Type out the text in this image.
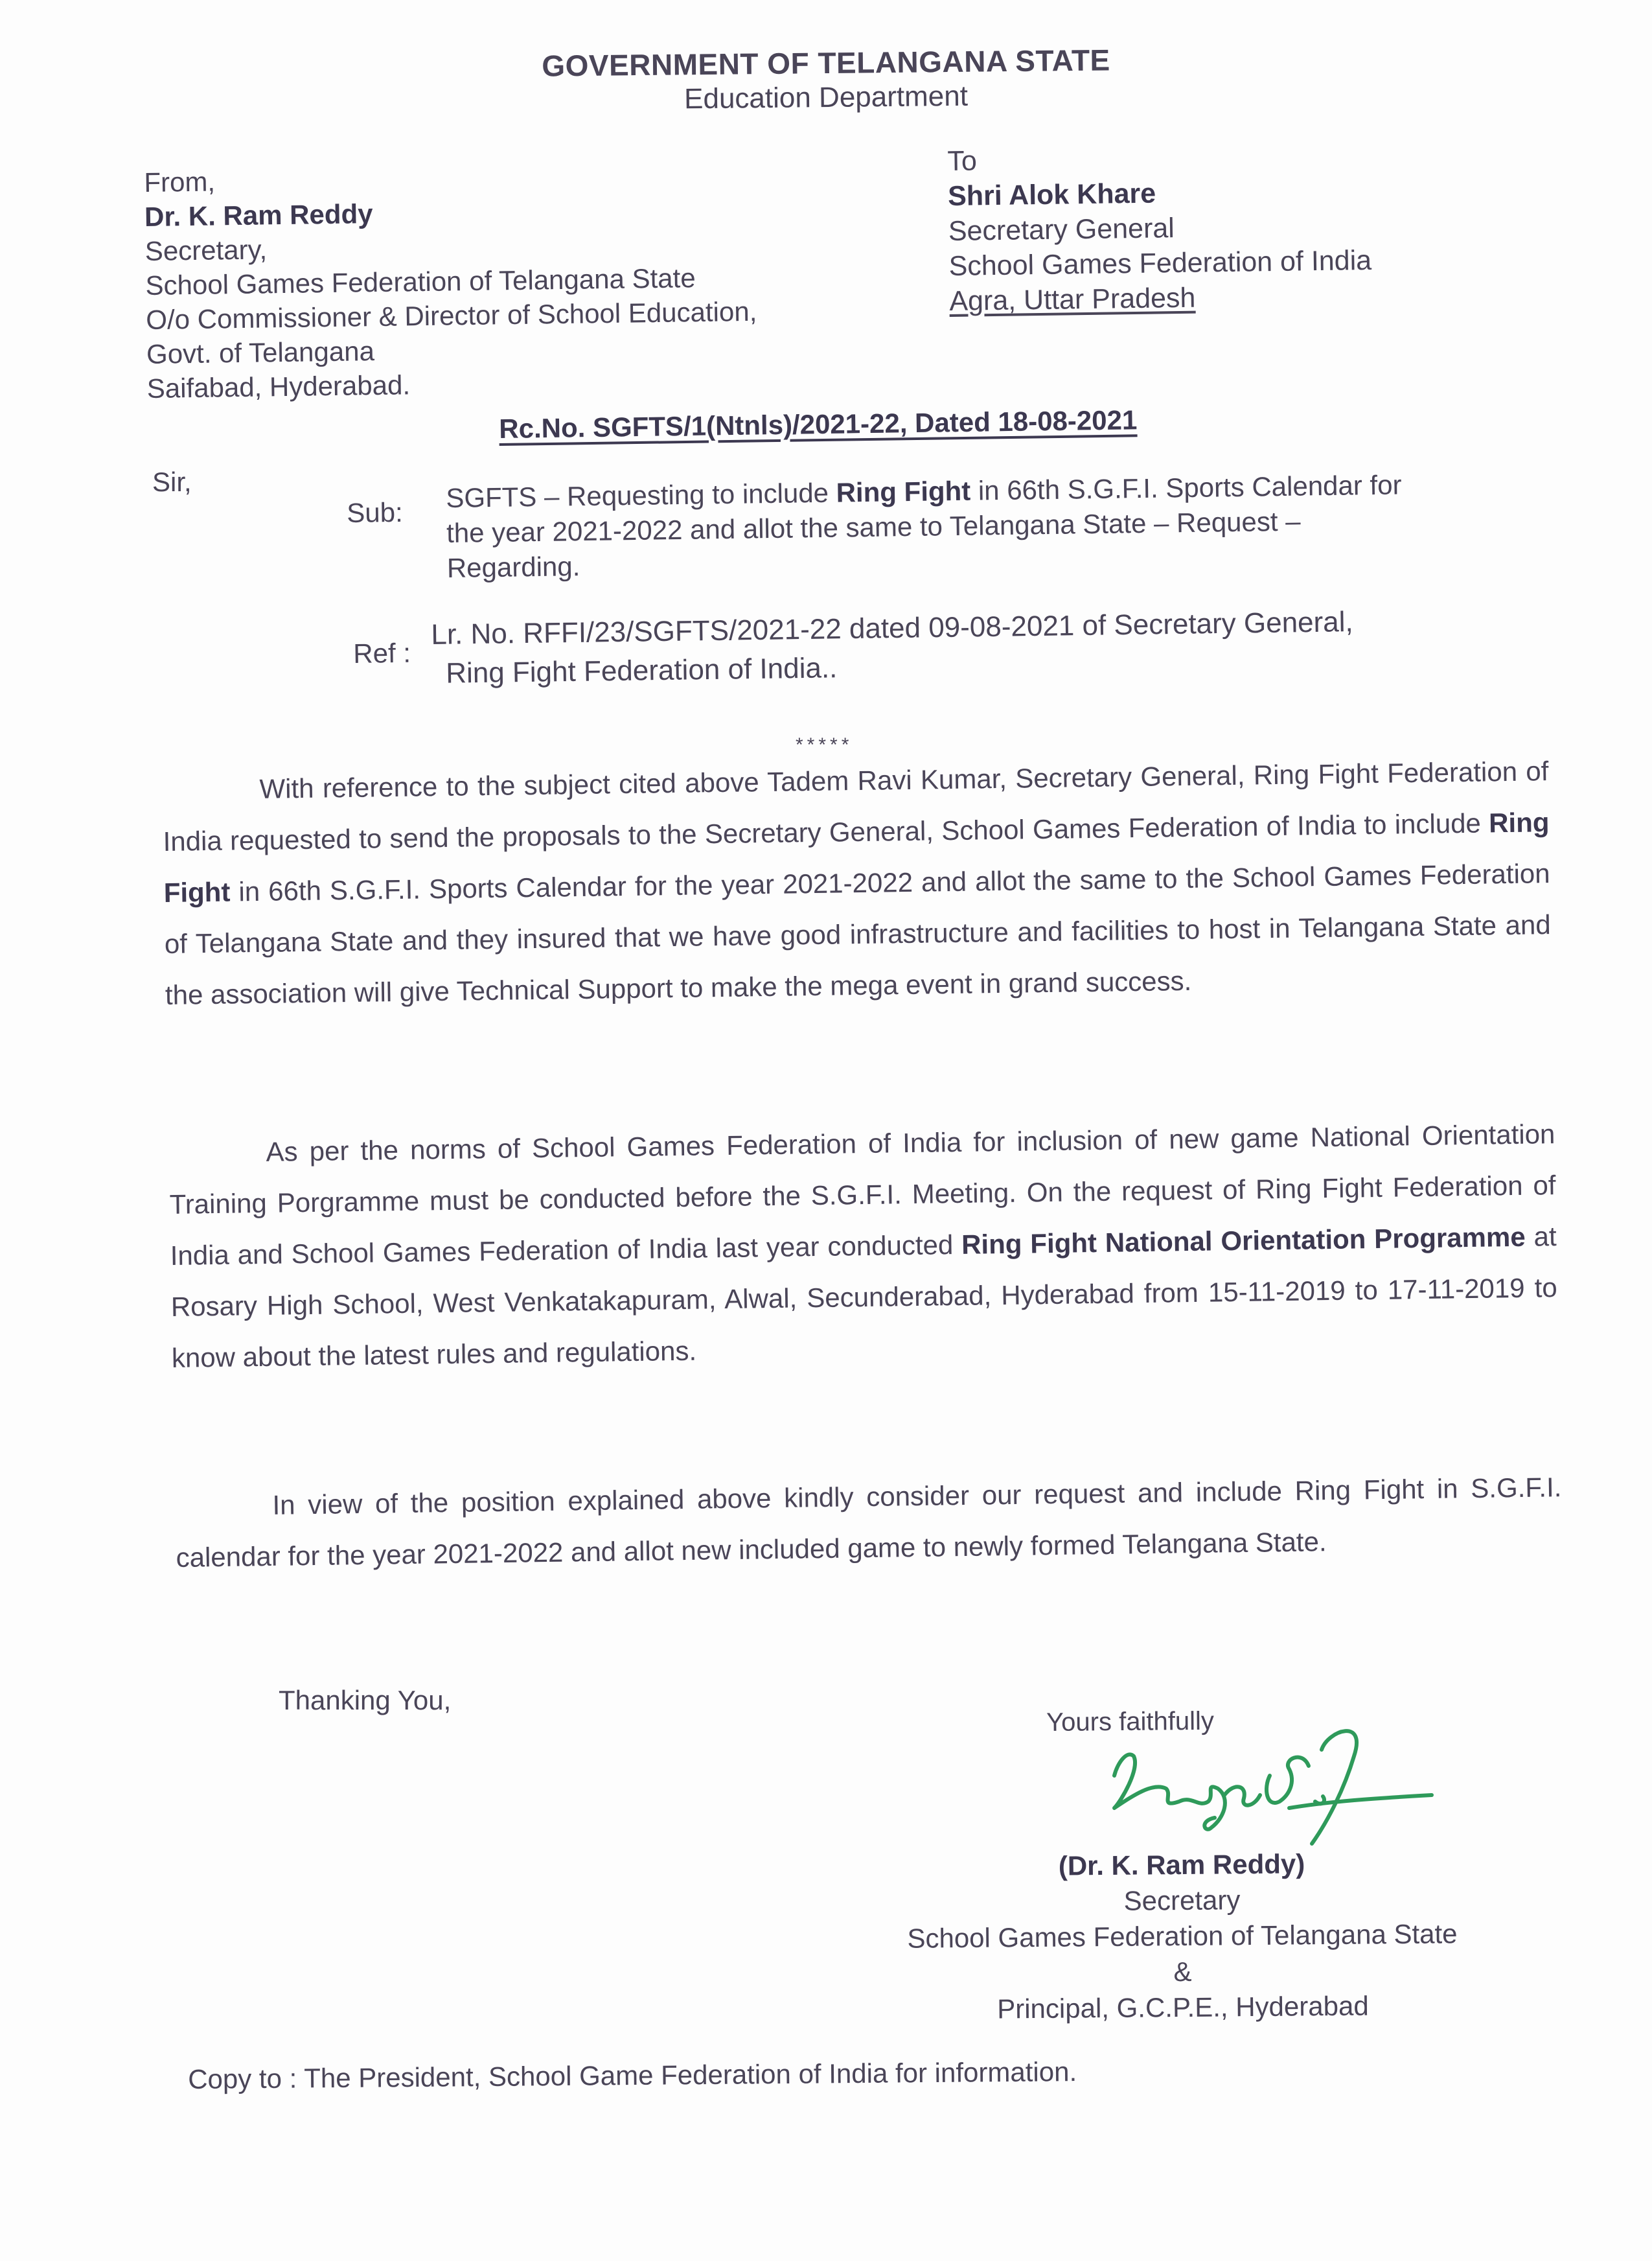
GOVERNMENT OF TELANGANA STATE
Education Department
From,
Dr. K. Ram Reddy
Secretary,
School Games Federation of Telangana State
O/o Commissioner & Director of School Education,
Govt. of Telangana
Saifabad, Hyderabad.
To
Shri Alok Khare
Secretary General
School Games Federation of India
Agra, Uttar Pradesh
Rc.No. SGFTS/1(Ntnls)/2021-22, Dated 18-08-2021
Sir,
Sub: SGFTS – Requesting to include Ring Fight in 66th S.G.F.I. Sports Calendar for the year 2021-2022 and allot the same to Telangana State – Request – Regarding.
Ref :
Lr. No. RFFI/23/SGFTS/2021-22 dated 09-08-2021 of Secretary General,
Ring Fight Federation of India..
*****
With reference to the subject cited above Tadem Ravi Kumar, Secretary General, Ring Fight Federation of India requested to send the proposals to the Secretary General, School Games Federation of India to include Ring Fight in 66th S.G.F.I. Sports Calendar for the year 2021-2022 and allot the same to the School Games Federation of Telangana State and they insured that we have good infrastructure and facilities to host in Telangana State and the association will give Technical Support to make the mega event in grand success.
As per the norms of School Games Federation of India for inclusion of new game National Orientation Training Porgramme must be conducted before the S.G.F.I. Meeting. On the request of Ring Fight Federation of India and School Games Federation of India last year conducted Ring Fight National Orientation Programme at Rosary High School, West Venkatakapuram, Alwal, Secunderabad, Hyderabad from 15-11-2019 to 17-11-2019 to know about the latest rules and regulations.
In view of the position explained above kindly consider our request and include Ring Fight in S.G.F.I. calendar for the year 2021-2022 and allot new included game to newly formed Telangana State.
Thanking You,
Yours faithfully
(Dr. K. Ram Reddy)
Secretary
School Games Federation of Telangana State
&
Principal, G.C.P.E., Hyderabad
Copy to : The President, School Game Federation of India for information.
